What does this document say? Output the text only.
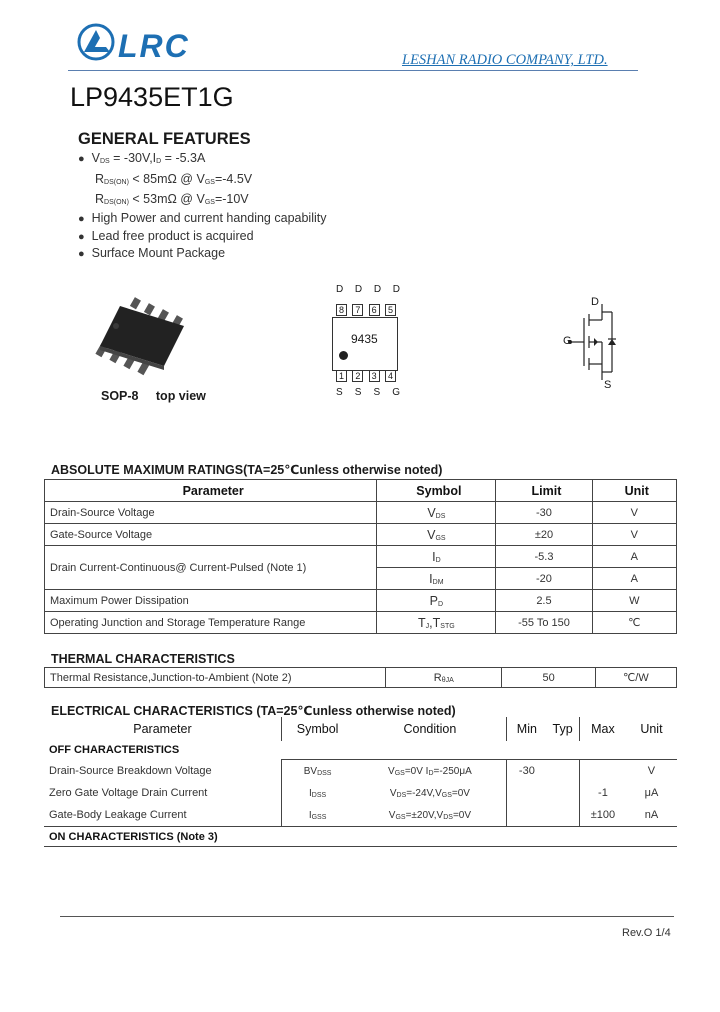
LRC	LESHAN RADIO COMPANY, LTD.
LP9435ET1G
GENERAL FEATURES
● $V_{DS} = -30V,I_D = -5.3A$
$R_{DS(ON)} < 85m\Omega$ @ $V_{GS}=-4.5V$
$R_{DS(ON)} < 53m\Omega$ @ $V_{GS}=-10V$
● High Power and current handing capability
● Lead free product is acquired
● Surface Mount Package
SOP-8 top view
D D D D
8	7	6	5
9435
1	2	3	4
S S S G
D
G
S
ABSOLUTE MAXIMUM RATINGS(TA=25℃unless otherwise noted)
Parameter	Symbol	Limit	Unit
Drain-Source Voltage	$V_{DS}$	-30	V
Gate-Source Voltage	$V_{GS}$	±20	V
Drain Current-Continuous@ Current-Pulsed (Note 1)	$I_D$	-5.3	A
	$I_{DM}$	-20	A
Maximum Power Dissipation	$P_D$	2.5	W
Operating Junction and Storage Temperature Range	$T_J,T_{STG}$	-55 To 150	℃
THERMAL CHARACTERISTICS
Thermal Resistance,Junction-to-Ambient (Note 2)	$R_{\theta JA}$	50	℃/W
ELECTRICAL CHARACTERISTICS (TA=25℃unless otherwise noted)
Parameter	Symbol	Condition	Min	Typ	Max	Unit
OFF CHARACTERISTICS						
Drain-Source Breakdown Voltage	$BV_{DSS}$	$V_{GS}=0V$ $I_D=-250\mu A$	-30			V
Zero Gate Voltage Drain Current	$I_{DSS}$	$V_{DS}=-24V,V_{GS}=0V$			-1	μA
Gate-Body Leakage Current	$I_{GSS}$	$V_{GS}=\pm 20V,V_{DS}=0V$			±100	nA
ON CHARACTERISTICS (Note 3)						
Rev.O 1/4
